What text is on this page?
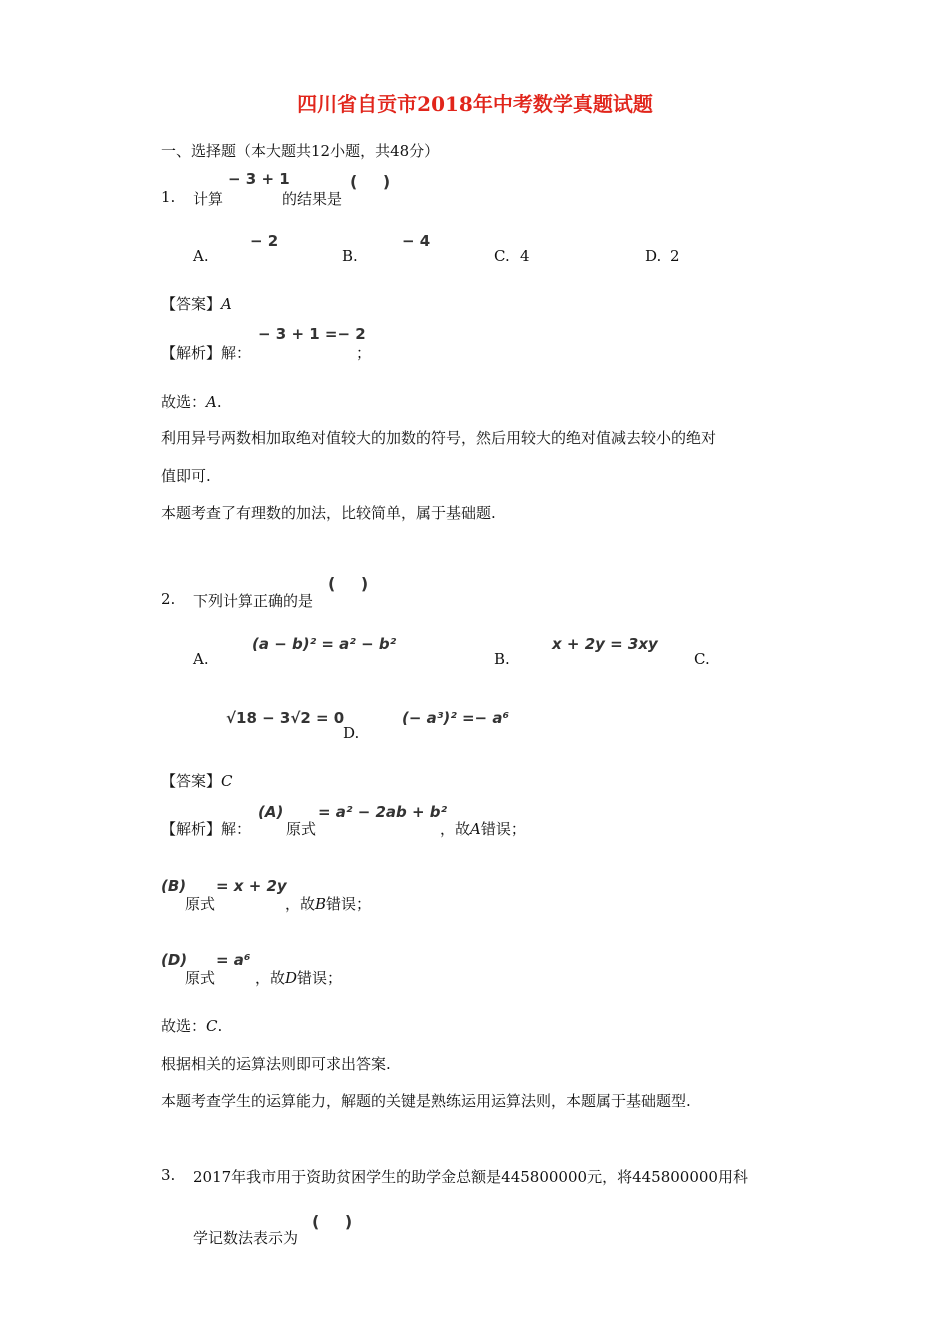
四川省自贡市2018年中考数学真题试题
一、选择题（本大题共12小题，共48分）
1. 计算
− 3 + 1
的结果是
( )
A.
− 2
B.
− 4
C. 4	D. 2
【答案】A
【解析】解：
− 3 + 1 =− 2
；
故选：A.
利用异号两数相加取绝对值较大的加数的符号，然后用较大的绝对值减去较小的绝对
值即可.
本题考查了有理数的加法，比较简单，属于基础题.
2. 下列计算正确的是
( )
A.
(a − b)² = a² − b²
B.
x + 2y = 3xy
C.
√18 − 3√2 = 0
D.
(− a³)² =− a⁶
【答案】C
【解析】解：
(A)
原式
= a² − 2ab + b²
，故A错误；
(B)
原式
= x + 2y
，故B错误；
(D)
原式
= a⁶
，故D错误；
故选：C.
根据相关的运算法则即可求出答案.
本题考查学生的运算能力，解题的关键是熟练运用运算法则，本题属于基础题型.
3. 2017年我市用于资助贫困学生的助学金总额是445800000元，将445800000用科
学记数法表示为
( )
